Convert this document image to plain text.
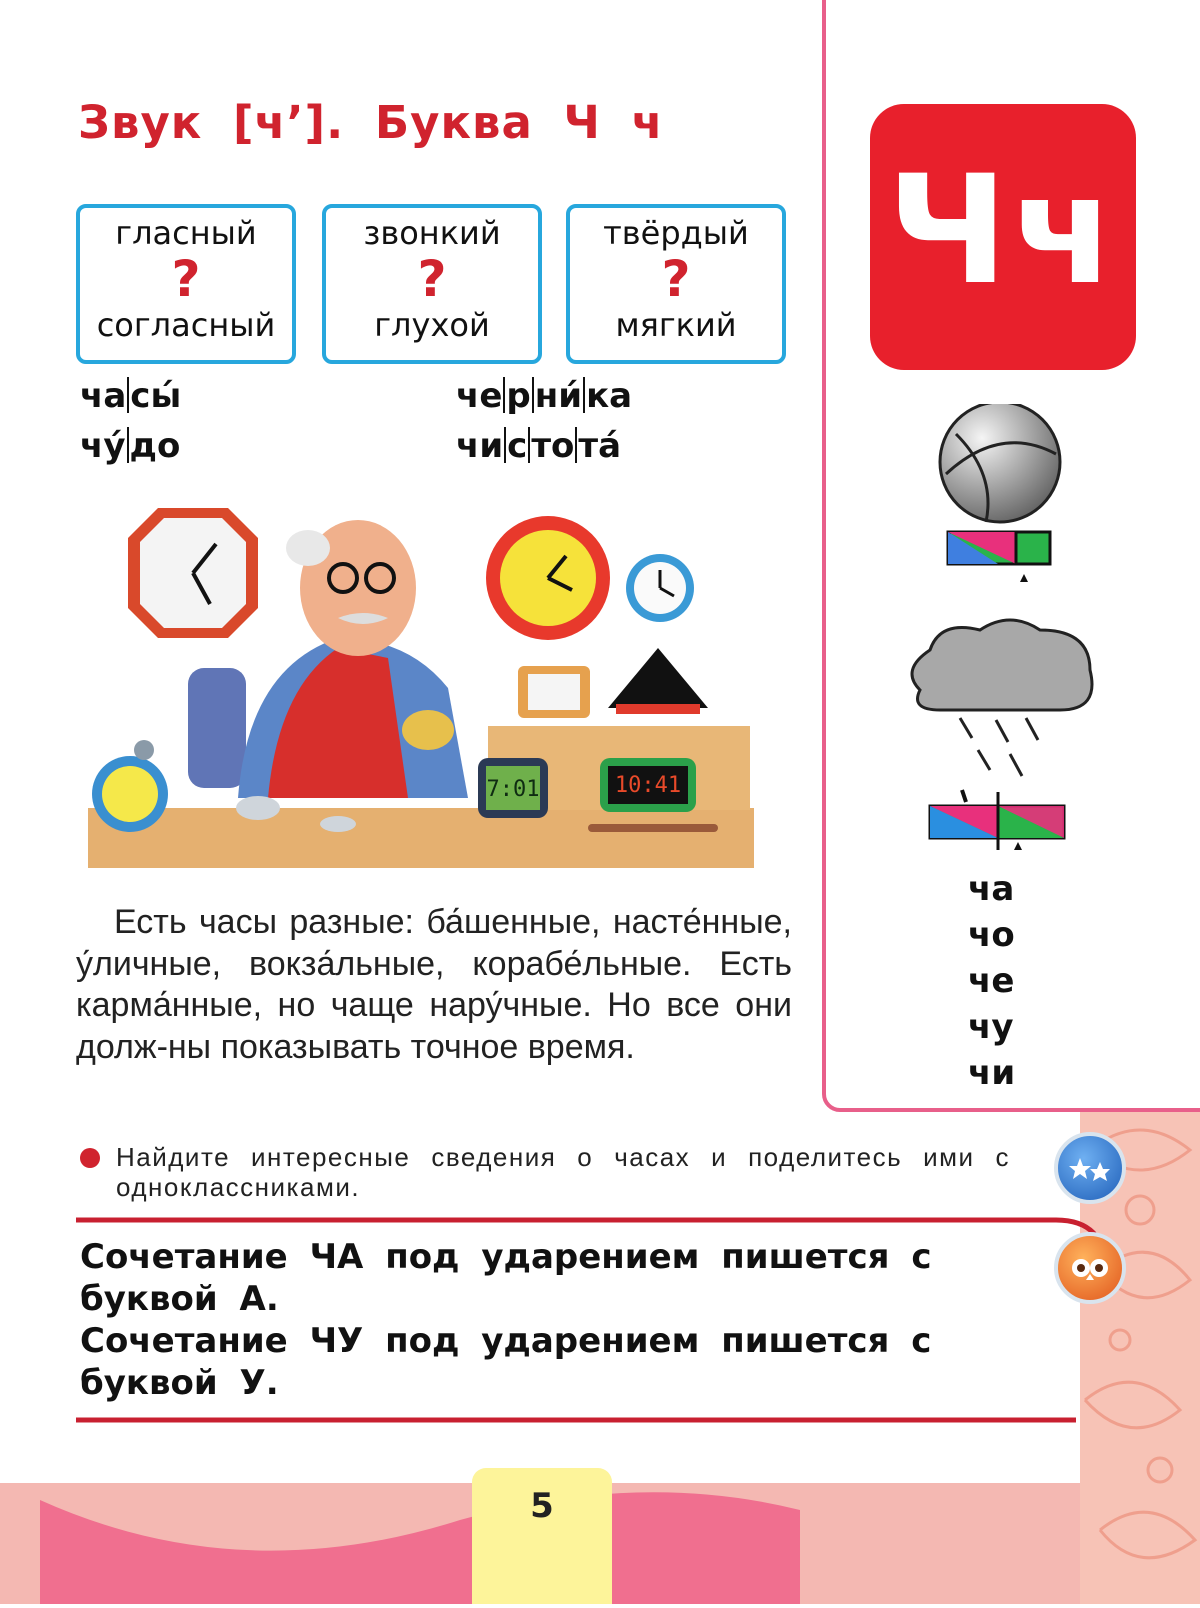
Звук [ч’]. Буква Ч ч
гласный
?
согласный
звонкий
?
глухой
твёрдый
?
мягкий
ча сы́
чу́ до
че р ни́ ка
чи с то та́
7:01	10:41

Есть часы разные: ба́шенные, насте́нные, у́личные, вокза́льные, корабе́льные. Есть карма́нные, но чаще нару́чные. Но все они долж-ны показывать точное время.

Найдите интересные сведения о часах и поделитесь ими с одноклассниками.

Сочетание ЧА под ударением пишется с буквой А.

Сочетание ЧУ под ударением пишется с буквой У.

5
Чч
ча
чо
че
чу
чи
